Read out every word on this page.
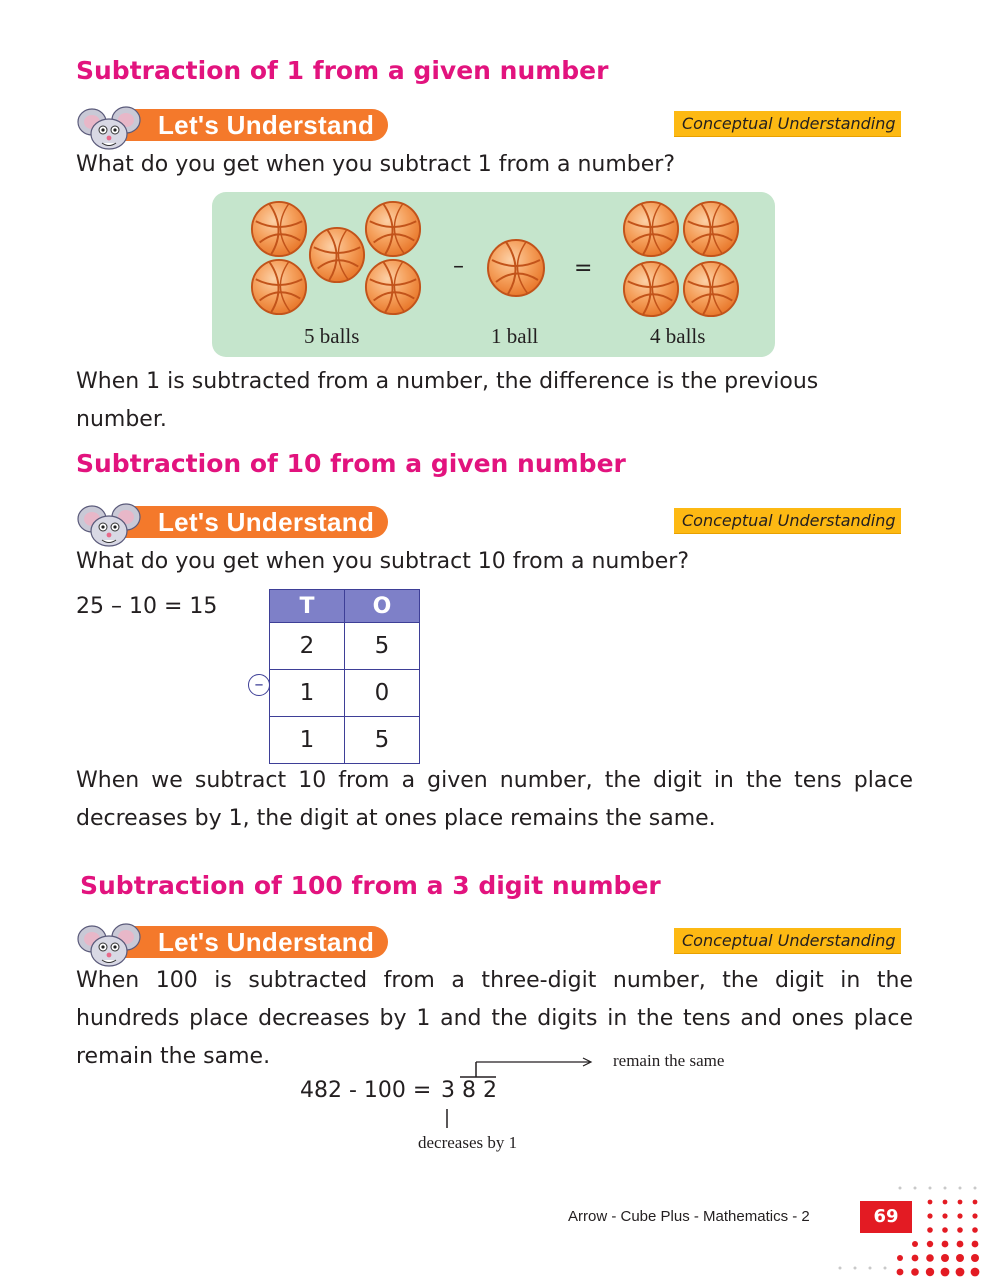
Subtraction of 1 from a given number
Let's Understand	Conceptual Understanding
What do you get when you subtract 1 from a number?
–	=
5 balls	1 ball	4 balls
When 1 is subtracted from a number, the difference is the previous number.
Subtraction of 10 from a given number
Let's Understand	Conceptual Understanding
What do you get when you subtract 10 from a number?
25 – 10 = 15	T	O
2	5
1	0
1	5
–
When we subtract 10 from a given number, the digit in the tens place decreases by 1, the digit at ones place remains the same.
Subtraction of 100 from a 3 digit number
Let's Understand	Conceptual Understanding
When 100 is subtracted from a three-digit number, the digit in the hundreds place decreases by 1 and the digits in the tens and ones place remain the same.
482 - 100 = 3 8 2
remain the same
decreases by 1
Arrow - Cube Plus - Mathematics - 2	69
